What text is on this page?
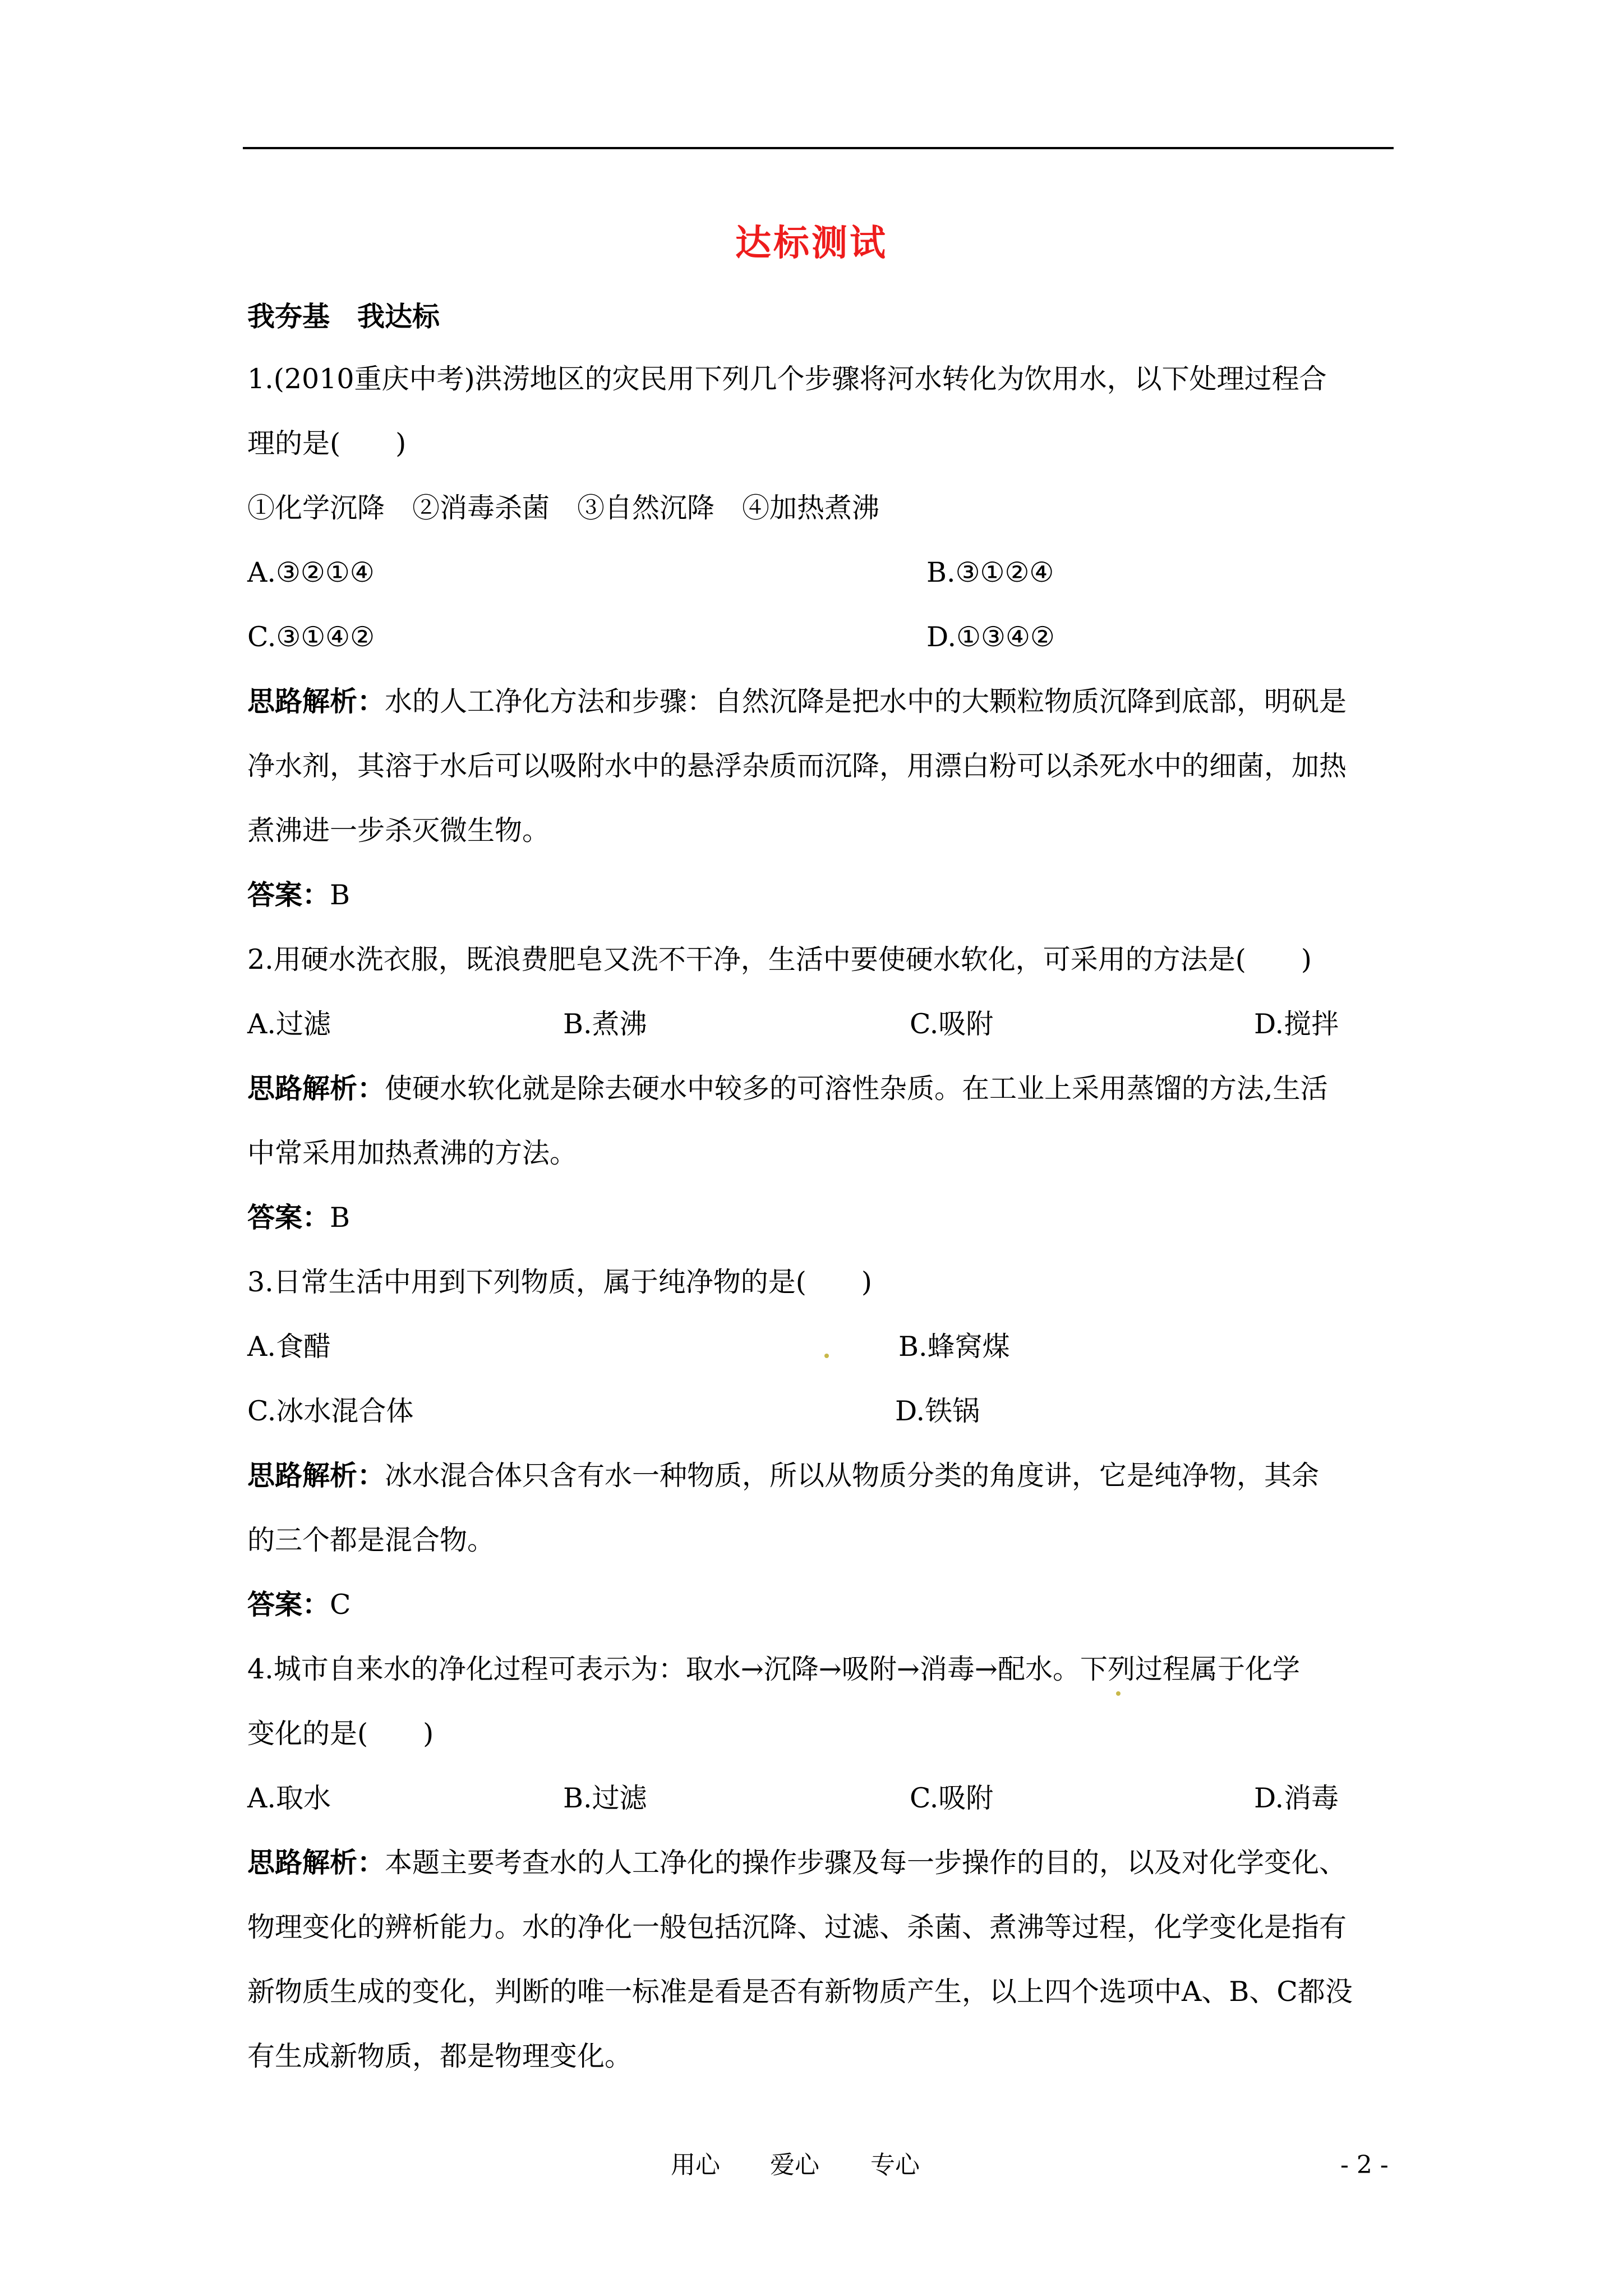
达标测试
我夯基　我达标
1.(2010重庆中考)洪涝地区的灾民用下列几个步骤将河水转化为饮用水，以下处理过程合
理的是(　　)
①化学沉降　②消毒杀菌　③自然沉降　④加热煮沸
A.③②①④	B.③①②④
C.③①④②	D.①③④②
思路解析：水的人工净化方法和步骤：自然沉降是把水中的大颗粒物质沉降到底部，明矾是
净水剂，其溶于水后可以吸附水中的悬浮杂质而沉降，用漂白粉可以杀死水中的细菌，加热
煮沸进一步杀灭微生物。
答案：B
2.用硬水洗衣服，既浪费肥皂又洗不干净，生活中要使硬水软化，可采用的方法是(　　)
A.过滤	B.煮沸	C.吸附	D.搅拌
思路解析：使硬水软化就是除去硬水中较多的可溶性杂质。在工业上采用蒸馏的方法,生活
中常采用加热煮沸的方法。
答案：B
3.日常生活中用到下列物质，属于纯净物的是(　　)
A.食醋	B.蜂窝煤
C.冰水混合体	D.铁锅
思路解析：冰水混合体只含有水一种物质，所以从物质分类的角度讲，它是纯净物，其余
的三个都是混合物。
答案：C
4.城市自来水的净化过程可表示为：取水→沉降→吸附→消毒→配水。下列过程属于化学
变化的是(　　)
A.取水	B.过滤	C.吸附	D.消毒
思路解析：本题主要考查水的人工净化的操作步骤及每一步操作的目的，以及对化学变化、
物理变化的辨析能力。水的净化一般包括沉降、过滤、杀菌、煮沸等过程，化学变化是指有
新物质生成的变化，判断的唯一标准是看是否有新物质产生，以上四个选项中A、B、C都没
有生成新物质，都是物理变化。
用心 爱心 专心	- 2 -
